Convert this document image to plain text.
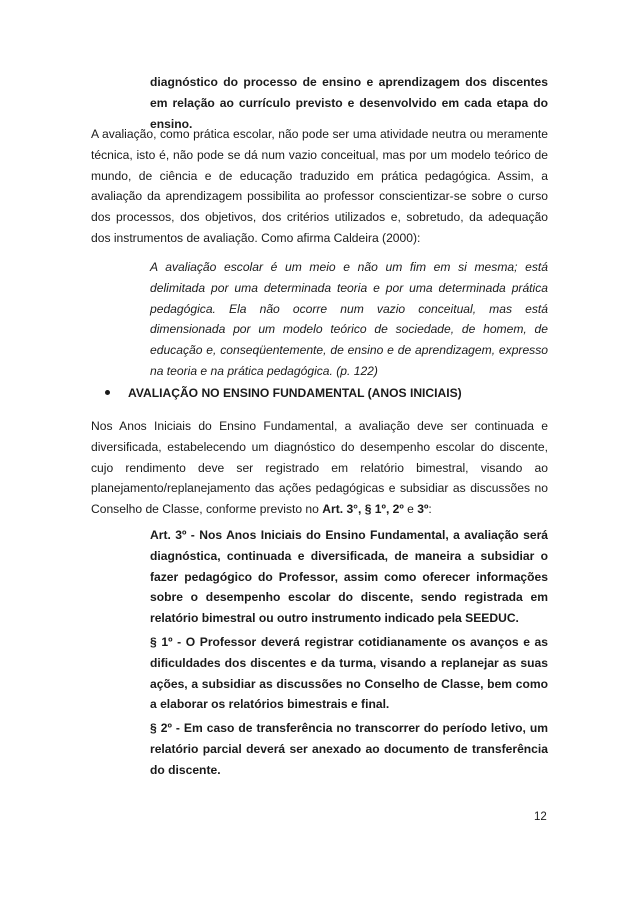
diagnóstico do processo de ensino e aprendizagem dos discentes em relação ao currículo previsto e desenvolvido em cada etapa do ensino.
A avaliação, como prática escolar, não pode ser uma atividade neutra ou meramente técnica, isto é, não pode se dá num vazio conceitual, mas por um modelo teórico de mundo, de ciência e de educação traduzido em prática pedagógica. Assim, a avaliação da aprendizagem possibilita ao professor conscientizar-se sobre o curso dos processos, dos objetivos, dos critérios utilizados e, sobretudo, da adequação dos instrumentos de avaliação. Como afirma Caldeira (2000):
A avaliação escolar é um meio e não um fim em si mesma; está delimitada por uma determinada teoria e por uma determinada prática pedagógica. Ela não ocorre num vazio conceitual, mas está dimensionada por um modelo teórico de sociedade, de homem, de educação e, conseqüentemente, de ensino e de aprendizagem, expresso na teoria e na prática pedagógica. (p. 122)
AVALIAÇÃO NO ENSINO FUNDAMENTAL (ANOS INICIAIS)
Nos Anos Iniciais do Ensino Fundamental, a avaliação deve ser continuada e diversificada, estabelecendo um diagnóstico do desempenho escolar do discente, cujo rendimento deve ser registrado em relatório bimestral, visando ao planejamento/replanejamento das ações pedagógicas e subsidiar as discussões no Conselho de Classe, conforme previsto no Art. 3°, § 1º, 2º e 3º:
Art. 3º - Nos Anos Iniciais do Ensino Fundamental, a avaliação será diagnóstica, continuada e diversificada, de maneira a subsidiar o fazer pedagógico do Professor, assim como oferecer informações sobre o desempenho escolar do discente, sendo registrada em relatório bimestral ou outro instrumento indicado pela SEEDUC.
§ 1º - O Professor deverá registrar cotidianamente os avanços e as dificuldades dos discentes e da turma, visando a replanejar as suas ações, a subsidiar as discussões no Conselho de Classe, bem como a elaborar os relatórios bimestrais e final.
§ 2º - Em caso de transferência no transcorrer do período letivo, um relatório parcial deverá ser anexado ao documento de transferência do discente.
12
